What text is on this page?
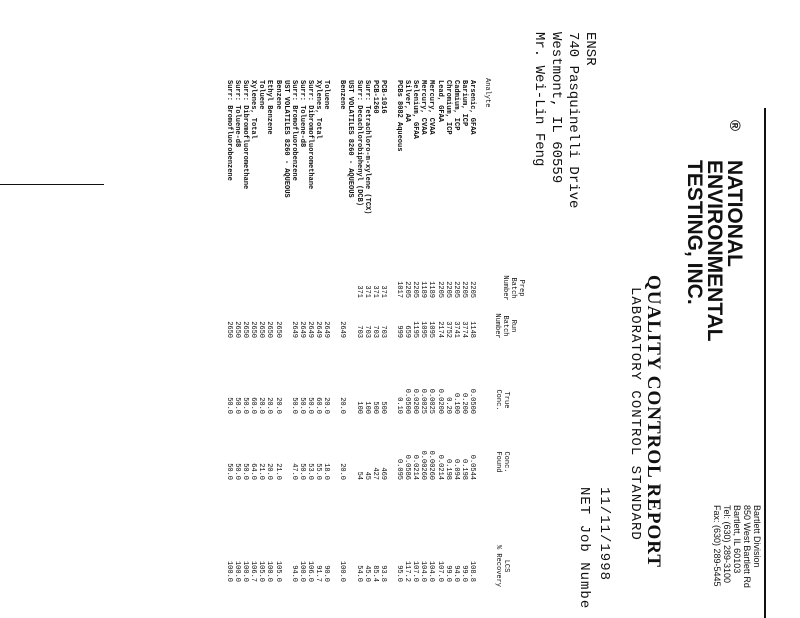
®
NATIONAL
ENVIRONMENTAL
TESTING, INC.
Bartlett Division
850 West Bartlett Rd
Bartlett, IL 60103
Tel: (630) 289-3100
Fax: (630) 289-5445
QUALITY CONTROL REPORT
LABORATORY CONTROL STANDARD
11/11/1998
NET Job Numbe
ENSR
740 Pasquinelli Drive
Westmont, IL 60559
Mr. Wei-Lin Feng
Analyte
Prep
Batch
Number
Run
Batch
Number
True
Conc.
Conc.
Found
LCS
% Recovery
Arsenic, GFAA
2205
1148
0.0500
0.0544
108.8
Barium, ICP
2205
3774
0.200
0.198
99.0
Cadmium, ICP
2205
3741
0.100
0.094
94.0
Chromium, ICP
2205
3752
0.20
0.198
99.0
Lead, GFAA
2205
2174
0.0200
0.0214
107.0
Mercury, CVAA
1189
1095
0.0025
0.00260
104.0
Mercury, CVAA
1189
1095
0.0025
0.00260
104.0
Selenium, GFAA
2205
1195
0.0200
0.0214
107.0
Silver, AA
2205
659
0.0500
0.0586
117.2
PCBs 8082 Aqueous
1017
999
0.10
0.095
95.0
PCB-1016
371
703
500
469
93.8
PCB-1260
371
703
500
427
85.4
Surr: Tetrachloro-m-xylene (TCX)
371
703
100
45
45.0
Surr: Decachlorobiphenyl (DCB)
371
703
100
54
54.0
UST VOLATILES 8260 - AQUEOUS
Benzene
2649
20.0
20.0
100.0
Toluene
2649
20.0
18.0
90.0
Xylenes, Total
2649
60.0
55.0
91.7
Surr: Dibromofluoromethane
2649
50.0
53.0
106.0
Surr: Toluene-d8
2649
50.0
50.0
100.0
Surr: Bromofluorobenzene
2649
50.0
47.0
94.0
UST VOLATILES 8260 - AQUEOUS
Benzene
2650
20.0
21.0
105.0
Ethyl Benzene
2650
20.0
20.0
100.0
Toluene
2650
20.0
21.0
105.0
Xylenes, Total
2650
60.0
64.0
106.7
Surr: Dibromofluoromethane
2650
50.0
50.0
100.0
Surr: Toluene-d8
2650
50.0
50.0
100.0
Surr: Bromofluorobenzene
2650
50.0
50.0
100.0
